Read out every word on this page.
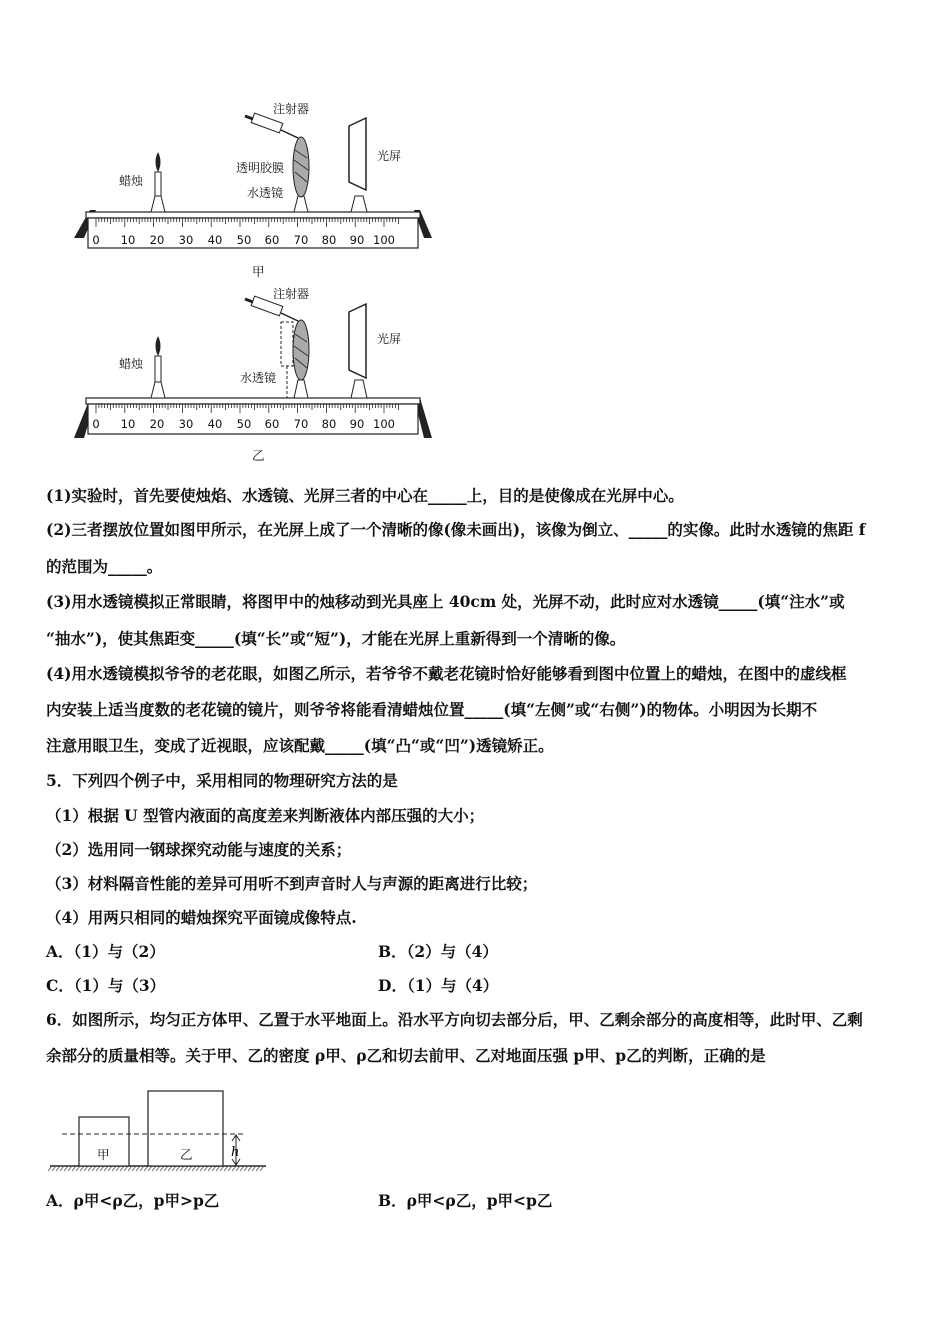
0 10 20 30 40 50 60 70 80 90 100
注射器
透明胶膜
水透镜
蜡烛
光屏
甲
0 10 20 30 40 50 60 70 80 90 100
注射器
水透镜
蜡烛
光屏
乙
甲	乙	h
(1)实验时，首先要使烛焰、水透镜、光屏三者的中心在_____上，目的是使像成在光屏中心。
(2)三者摆放位置如图甲所示，在光屏上成了一个清晰的像(像未画出)，该像为倒立、_____的实像。此时水透镜的焦距 f
的范围为_____。
(3)用水透镜模拟正常眼睛，将图甲中的烛移动到光具座上 40cm 处，光屏不动，此时应对水透镜_____(填“注水”或
“抽水”)，使其焦距变_____(填“长”或“短”)，才能在光屏上重新得到一个清晰的像。
(4)用水透镜模拟爷爷的老花眼，如图乙所示，若爷爷不戴老花镜时恰好能够看到图中位置上的蜡烛，在图中的虚线框
内安装上适当度数的老花镜的镜片，则爷爷将能看清蜡烛位置_____(填“左侧”或“右侧”)的物体。小明因为长期不
注意用眼卫生，变成了近视眼，应该配戴_____(填“凸“或“凹”)透镜矫正。
5．下列四个例子中，采用相同的物理研究方法的是
（1）根据 U 型管内液面的高度差来判断液体内部压强的大小；
（2）选用同一钢球探究动能与速度的关系；
（3）材料隔音性能的差异可用听不到声音时人与声源的距离进行比较；
（4）用两只相同的蜡烛探究平面镜成像特点.
A．（1）与（2）	B．（2）与（4）
C．（1）与（3）	D．（1）与（4）
6．如图所示，均匀正方体甲、乙置于水平地面上。沿水平方向切去部分后，甲、乙剩余部分的高度相等，此时甲、乙剩
余部分的质量相等。关于甲、乙的密度 ρ甲、ρ乙和切去前甲、乙对地面压强 p甲、p乙的判断，正确的是
A．ρ甲<ρ乙，p甲>p乙	B．ρ甲<ρ乙，p甲<p乙
